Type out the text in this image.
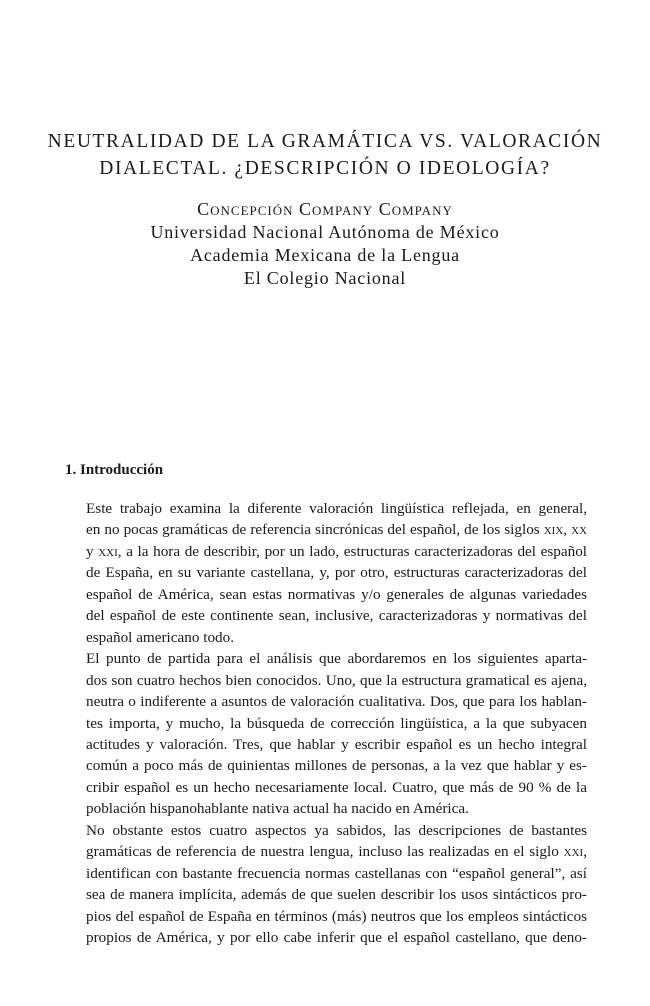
NEUTRALIDAD DE LA GRAMÁTICA VS. VALORACIÓN
DIALECTAL. ¿DESCRIPCIÓN O IDEOLOGÍA?
Concepción Company Company
Universidad Nacional Autónoma de México
Academia Mexicana de la Lengua
El Colegio Nacional
1. Introducción

Este trabajo examina la diferente valoración lingüística reflejada, en general,
en no pocas gramáticas de referencia sincrónicas del español, de los siglos xix, xx
y xxi, a la hora de describir, por un lado, estructuras caracterizadoras del español
de España, en su variante castellana, y, por otro, estructuras caracterizadoras del
español de América, sean estas normativas y/o generales de algunas variedades
del español de este continente sean, inclusive, caracterizadoras y normativas del
español americano todo.

El punto de partida para el análisis que abordaremos en los siguientes aparta-
dos son cuatro hechos bien conocidos. Uno, que la estructura gramatical es ajena,
neutra o indiferente a asuntos de valoración cualitativa. Dos, que para los hablan-
tes importa, y mucho, la búsqueda de corrección lingüística, a la que subyacen
actitudes y valoración. Tres, que hablar y escribir español es un hecho integral
común a poco más de quinientas millones de personas, a la vez que hablar y es-
cribir español es un hecho necesariamente local. Cuatro, que más de 90 % de la
población hispanohablante nativa actual ha nacido en América.

No obstante estos cuatro aspectos ya sabidos, las descripciones de bastantes
gramáticas de referencia de nuestra lengua, incluso las realizadas en el siglo xxi,
identifican con bastante frecuencia normas castellanas con “español general”, así
sea de manera implícita, además de que suelen describir los usos sintácticos pro-
pios del español de España en términos (más) neutros que los empleos sintácticos
propios de América, y por ello cabe inferir que el español castellano, que deno-
